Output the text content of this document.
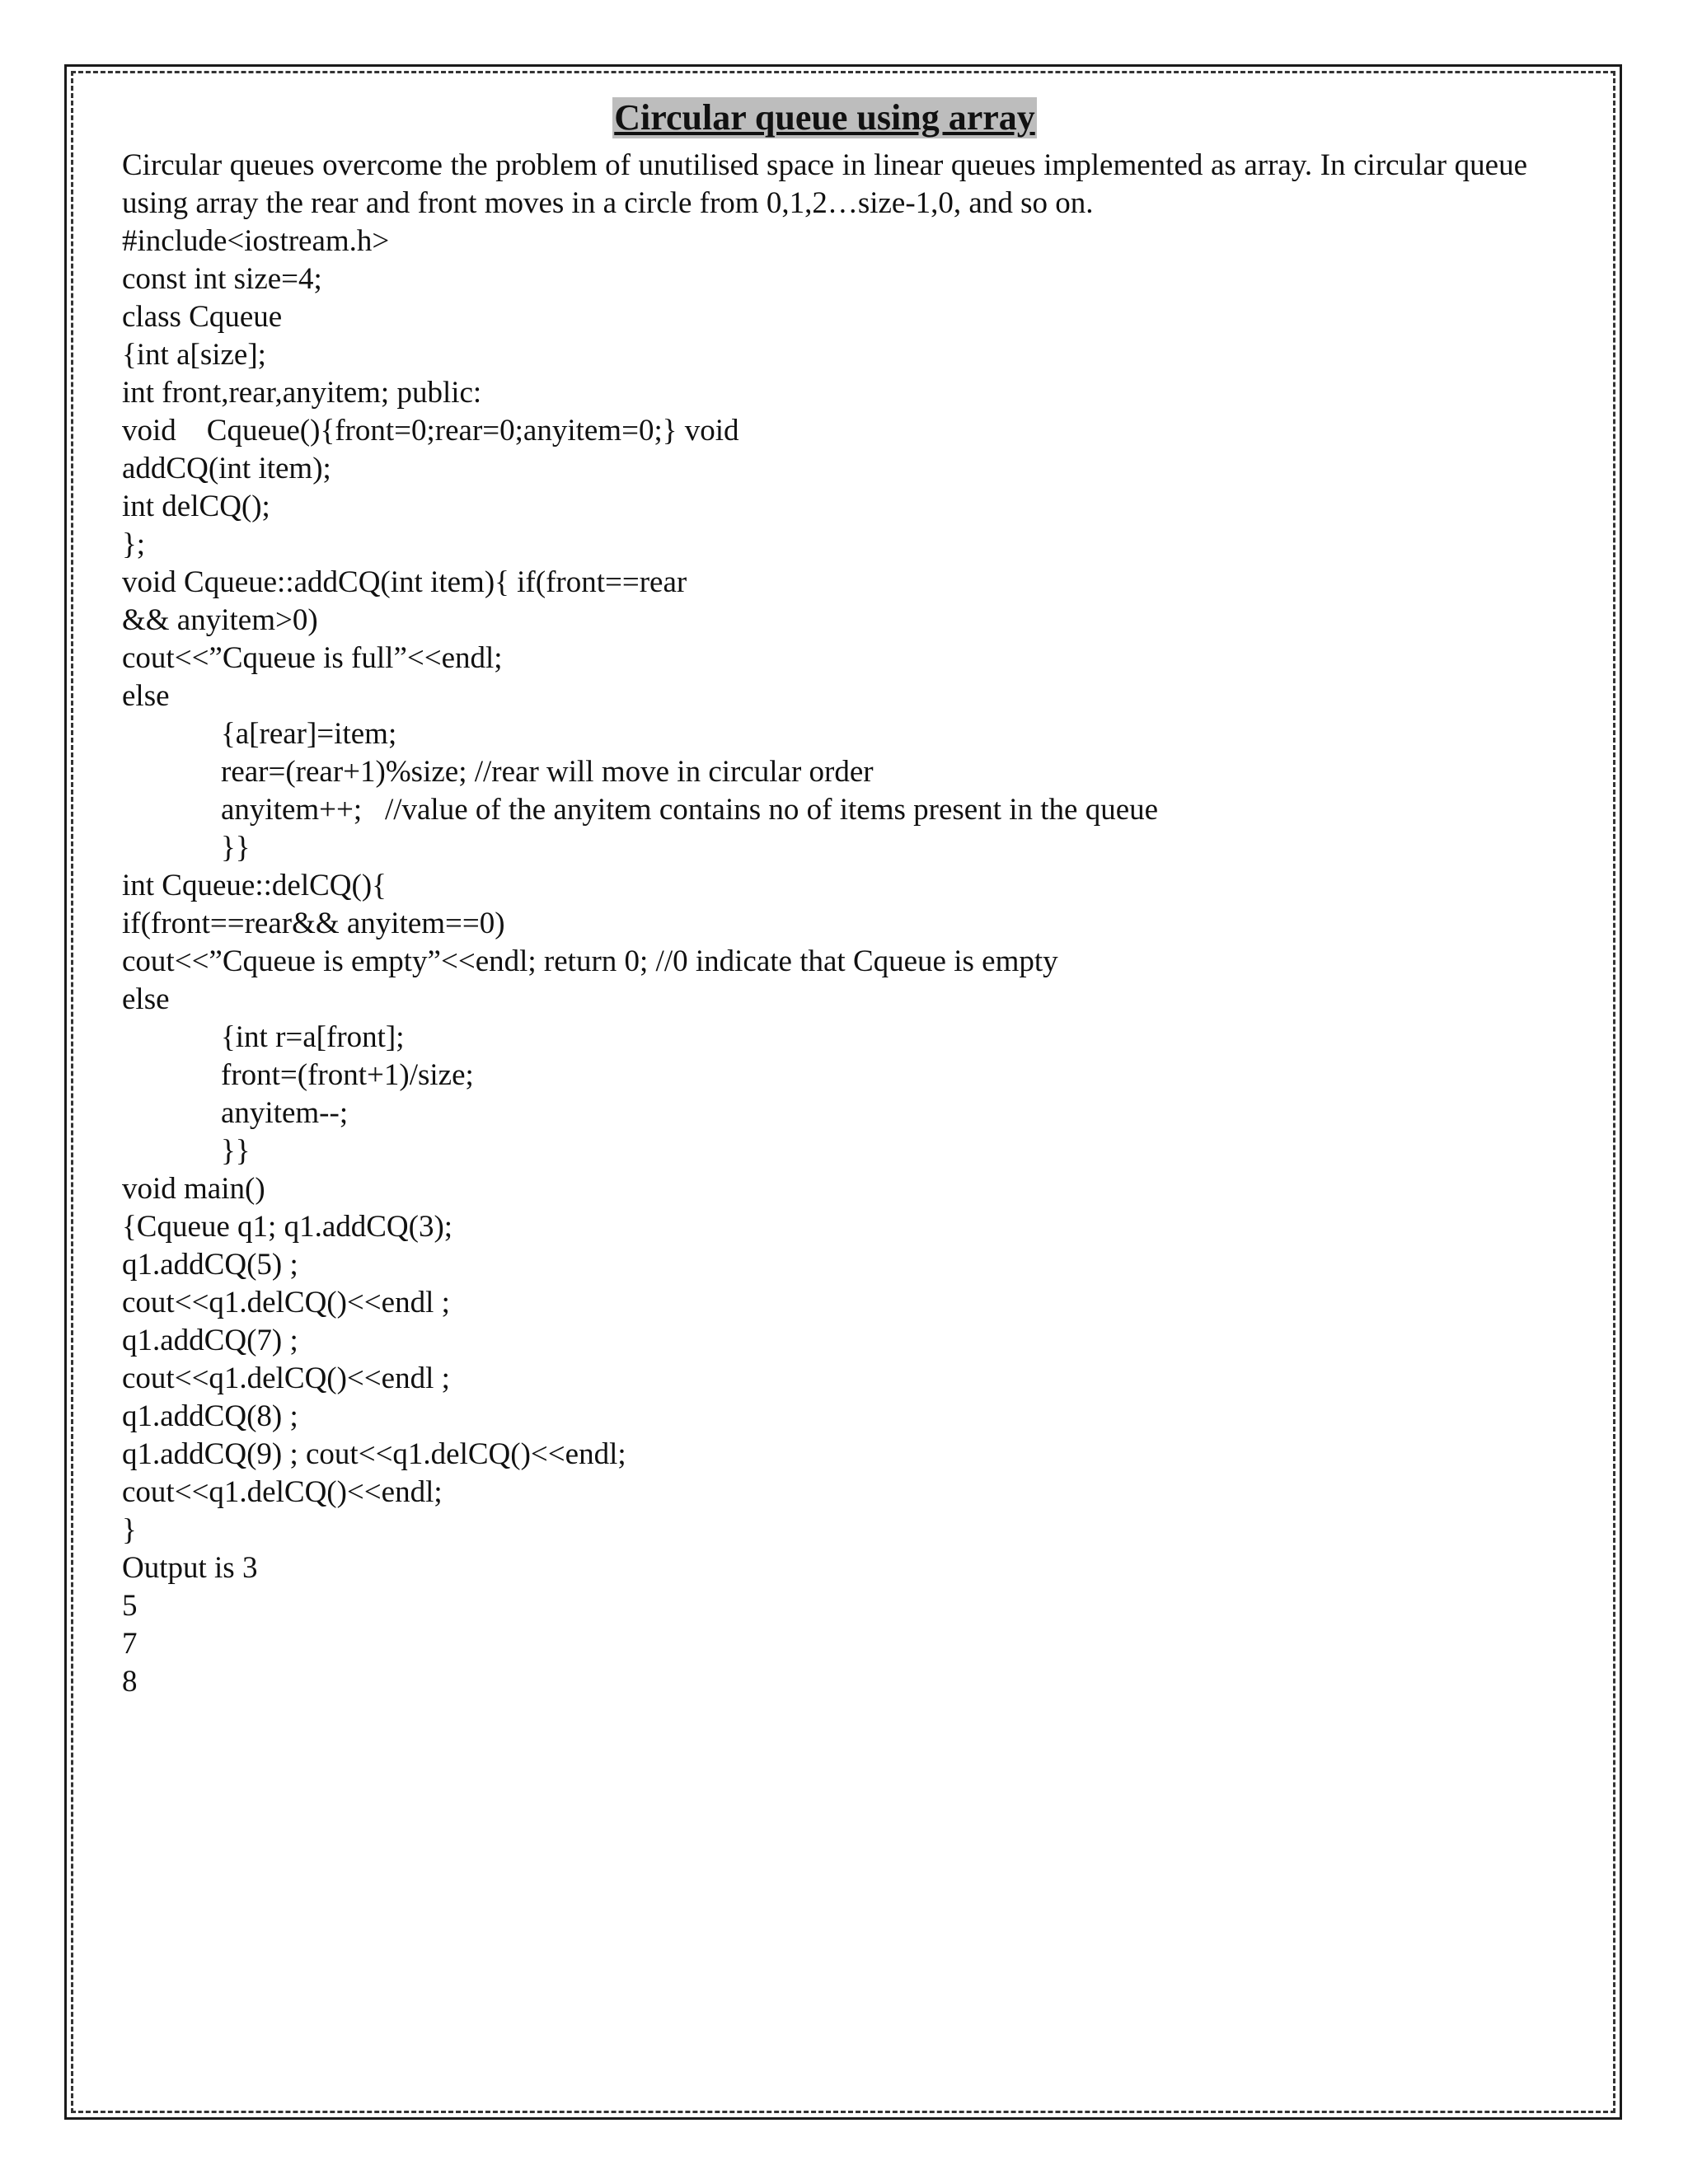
Circular queue using array

Circular queues overcome the problem of unutilised space in linear queues implemented as array. In circular queue using array the rear and front moves in a circle from 0,1,2…size-1,0, and so on.

#include<iostream.h>
const int size=4;
class Cqueue
{int a[size];
int front,rear,anyitem; public:
void    Cqueue(){front=0;rear=0;anyitem=0;} void
addCQ(int item);
int delCQ();
};
void Cqueue::addCQ(int item){ if(front==rear
&& anyitem>0)
cout<<”Cqueue is full”<<endl;
else
{a[rear]=item;
rear=(rear+1)%size; //rear will move in circular order
anyitem++;   //value of the anyitem contains no of items present in the queue
}}
int Cqueue::delCQ(){
if(front==rear&& anyitem==0)
cout<<”Cqueue is empty”<<endl; return 0; //0 indicate that Cqueue is empty
else
{int r=a[front];
front=(front+1)/size;
anyitem--;
}}
void main()
{Cqueue q1; q1.addCQ(3);
q1.addCQ(5) ;
cout<<q1.delCQ()<<endl ;
q1.addCQ(7) ;
cout<<q1.delCQ()<<endl ;
q1.addCQ(8) ;
q1.addCQ(9) ; cout<<q1.delCQ()<<endl;
cout<<q1.delCQ()<<endl;
}
Output is 3
5
7
8
